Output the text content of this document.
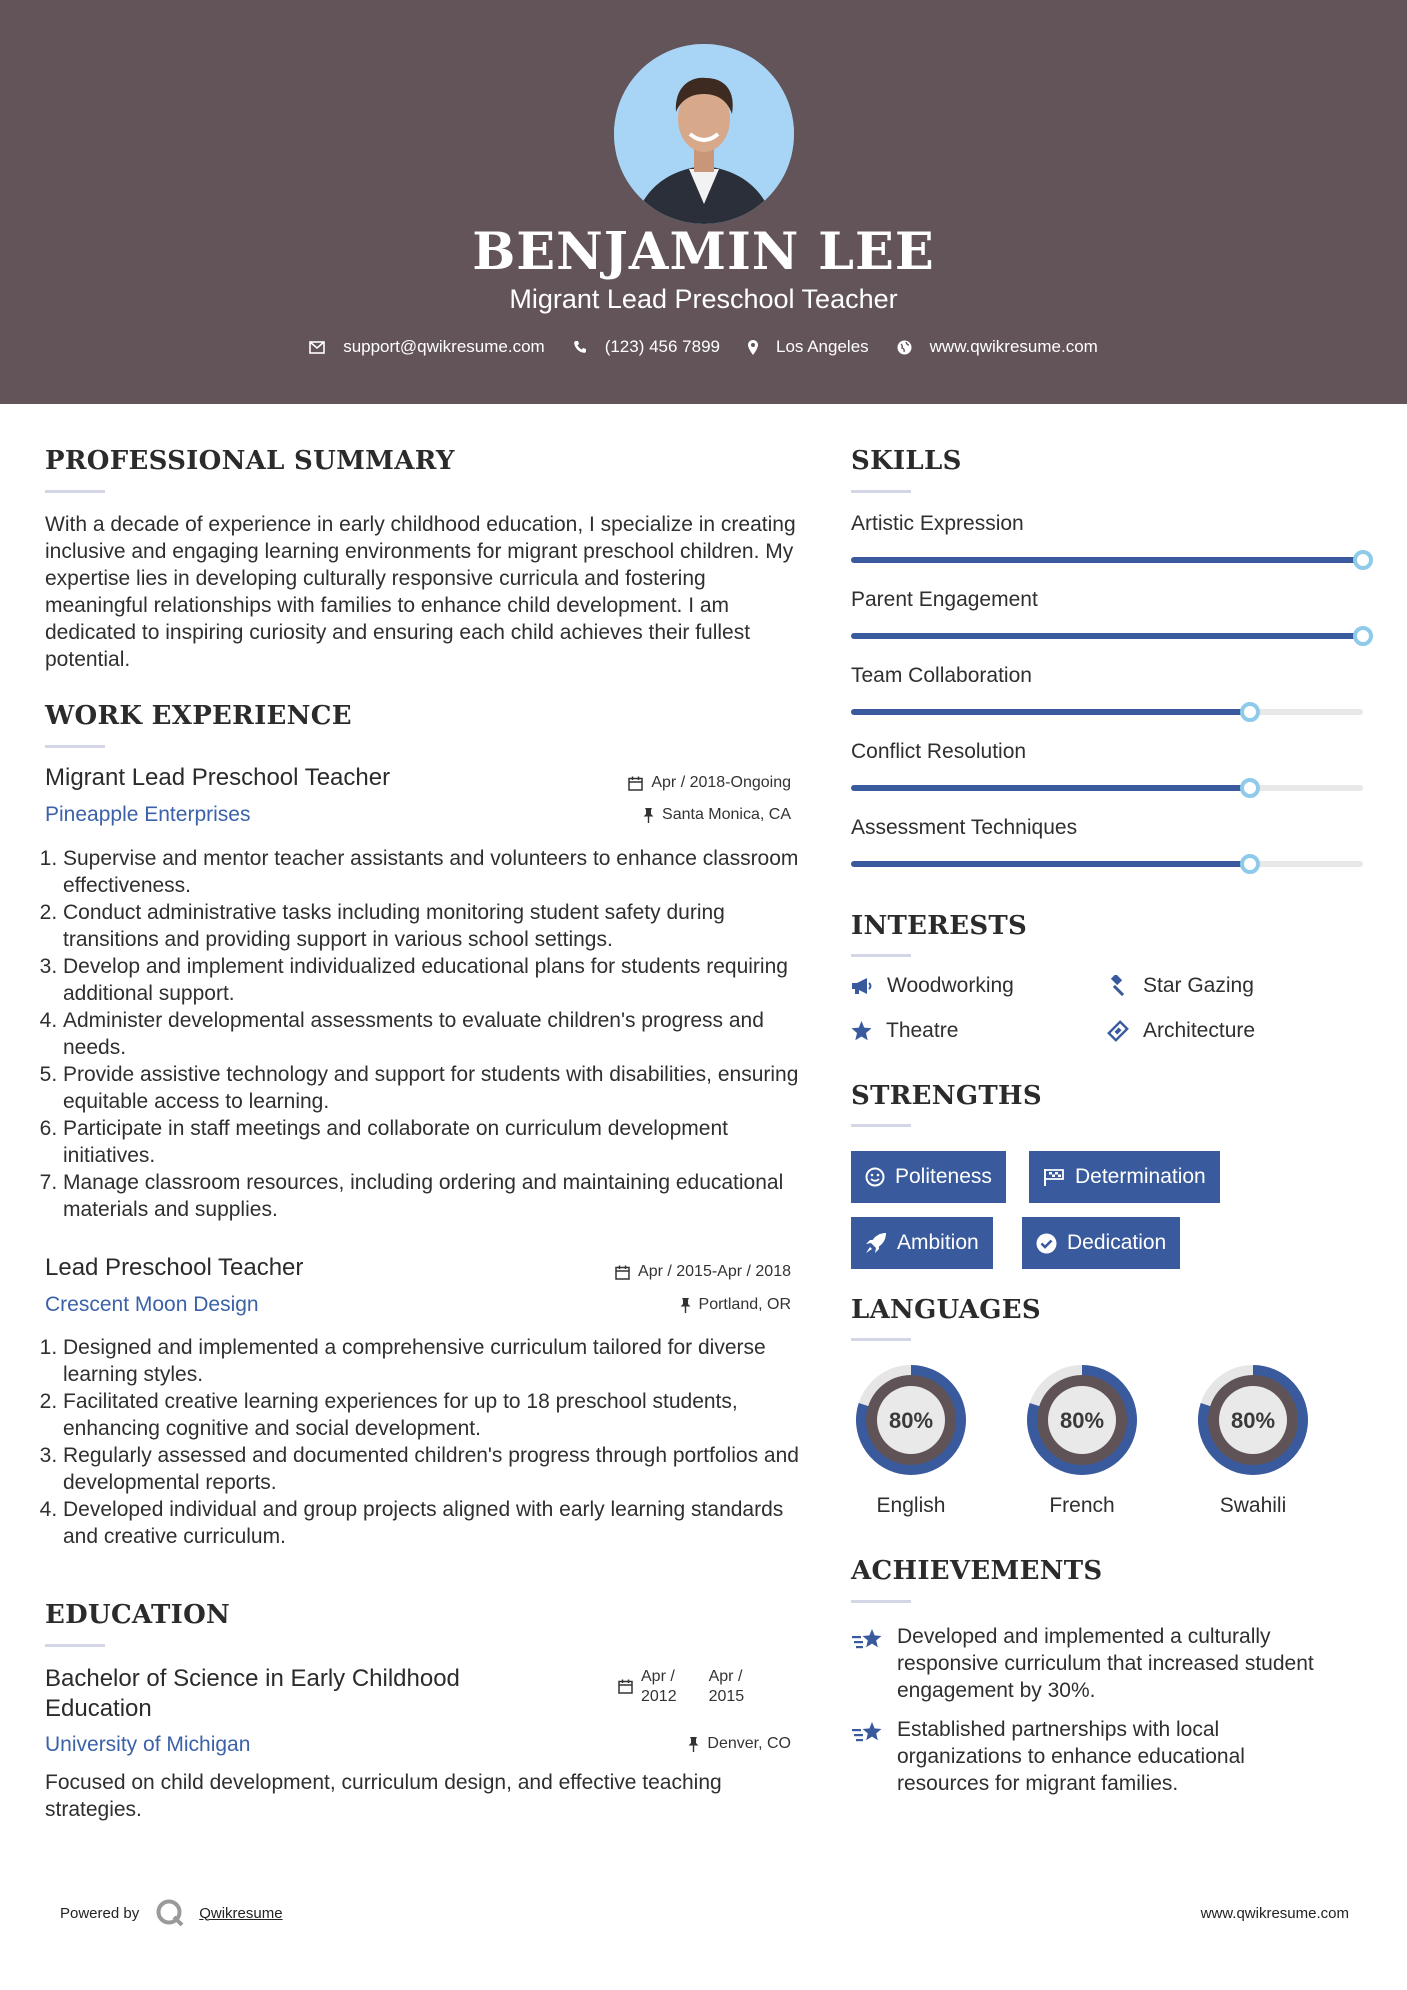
BENJAMIN LEE
Migrant Lead Preschool Teacher
support@qwikresume.com	(123) 456 7899	Los Angeles	www.qwikresume.com
PROFESSIONAL SUMMARY
With a decade of experience in early childhood education, I specialize in creating inclusive and engaging learning environments for migrant preschool children. My expertise lies in developing culturally responsive curricula and fostering meaningful relationships with families to enhance child development. I am dedicated to inspiring curiosity and ensuring each child achieves their fullest potential.
WORK EXPERIENCE
Migrant Lead Preschool Teacher	Apr / 2018-Ongoing
Pineapple Enterprises	Santa Monica, CA
1. Supervise and mentor teacher assistants and volunteers to enhance classroom effectiveness.
2. Conduct administrative tasks including monitoring student safety during transitions and providing support in various school settings.
3. Develop and implement individualized educational plans for students requiring additional support.
4. Administer developmental assessments to evaluate children's progress and needs.
5. Provide assistive technology and support for students with disabilities, ensuring equitable access to learning.
6. Participate in staff meetings and collaborate on curriculum development initiatives.
7. Manage classroom resources, including ordering and maintaining educational materials and supplies.
Lead Preschool Teacher	Apr / 2015-Apr / 2018
Crescent Moon Design	Portland, OR
1. Designed and implemented a comprehensive curriculum tailored for diverse learning styles.
2. Facilitated creative learning experiences for up to 18 preschool students, enhancing cognitive and social development.
3. Regularly assessed and documented children's progress through portfolios and developmental reports.
4. Developed individual and group projects aligned with early learning standards and creative curriculum.
EDUCATION
Bachelor of Science in Early Childhood
Education
Apr /
2012
Apr /
2015
University of Michigan	Denver, CO
Focused on child development, curriculum design, and effective teaching strategies.
SKILLS
Artistic Expression
Parent Engagement
Team Collaboration
Conflict Resolution
Assessment Techniques
INTERESTS
Woodworking	Star Gazing
Theatre	Architecture
STRENGTHS
Politeness	Determination
Ambition	Dedication
LANGUAGES
80%
English
80%
French
80%
Swahili
ACHIEVEMENTS
Developed and implemented a culturally responsive curriculum that increased student engagement by 30%.
Established partnerships with local organizations to enhance educational resources for migrant families.
Powered by	Qwikresume	www.qwikresume.com
